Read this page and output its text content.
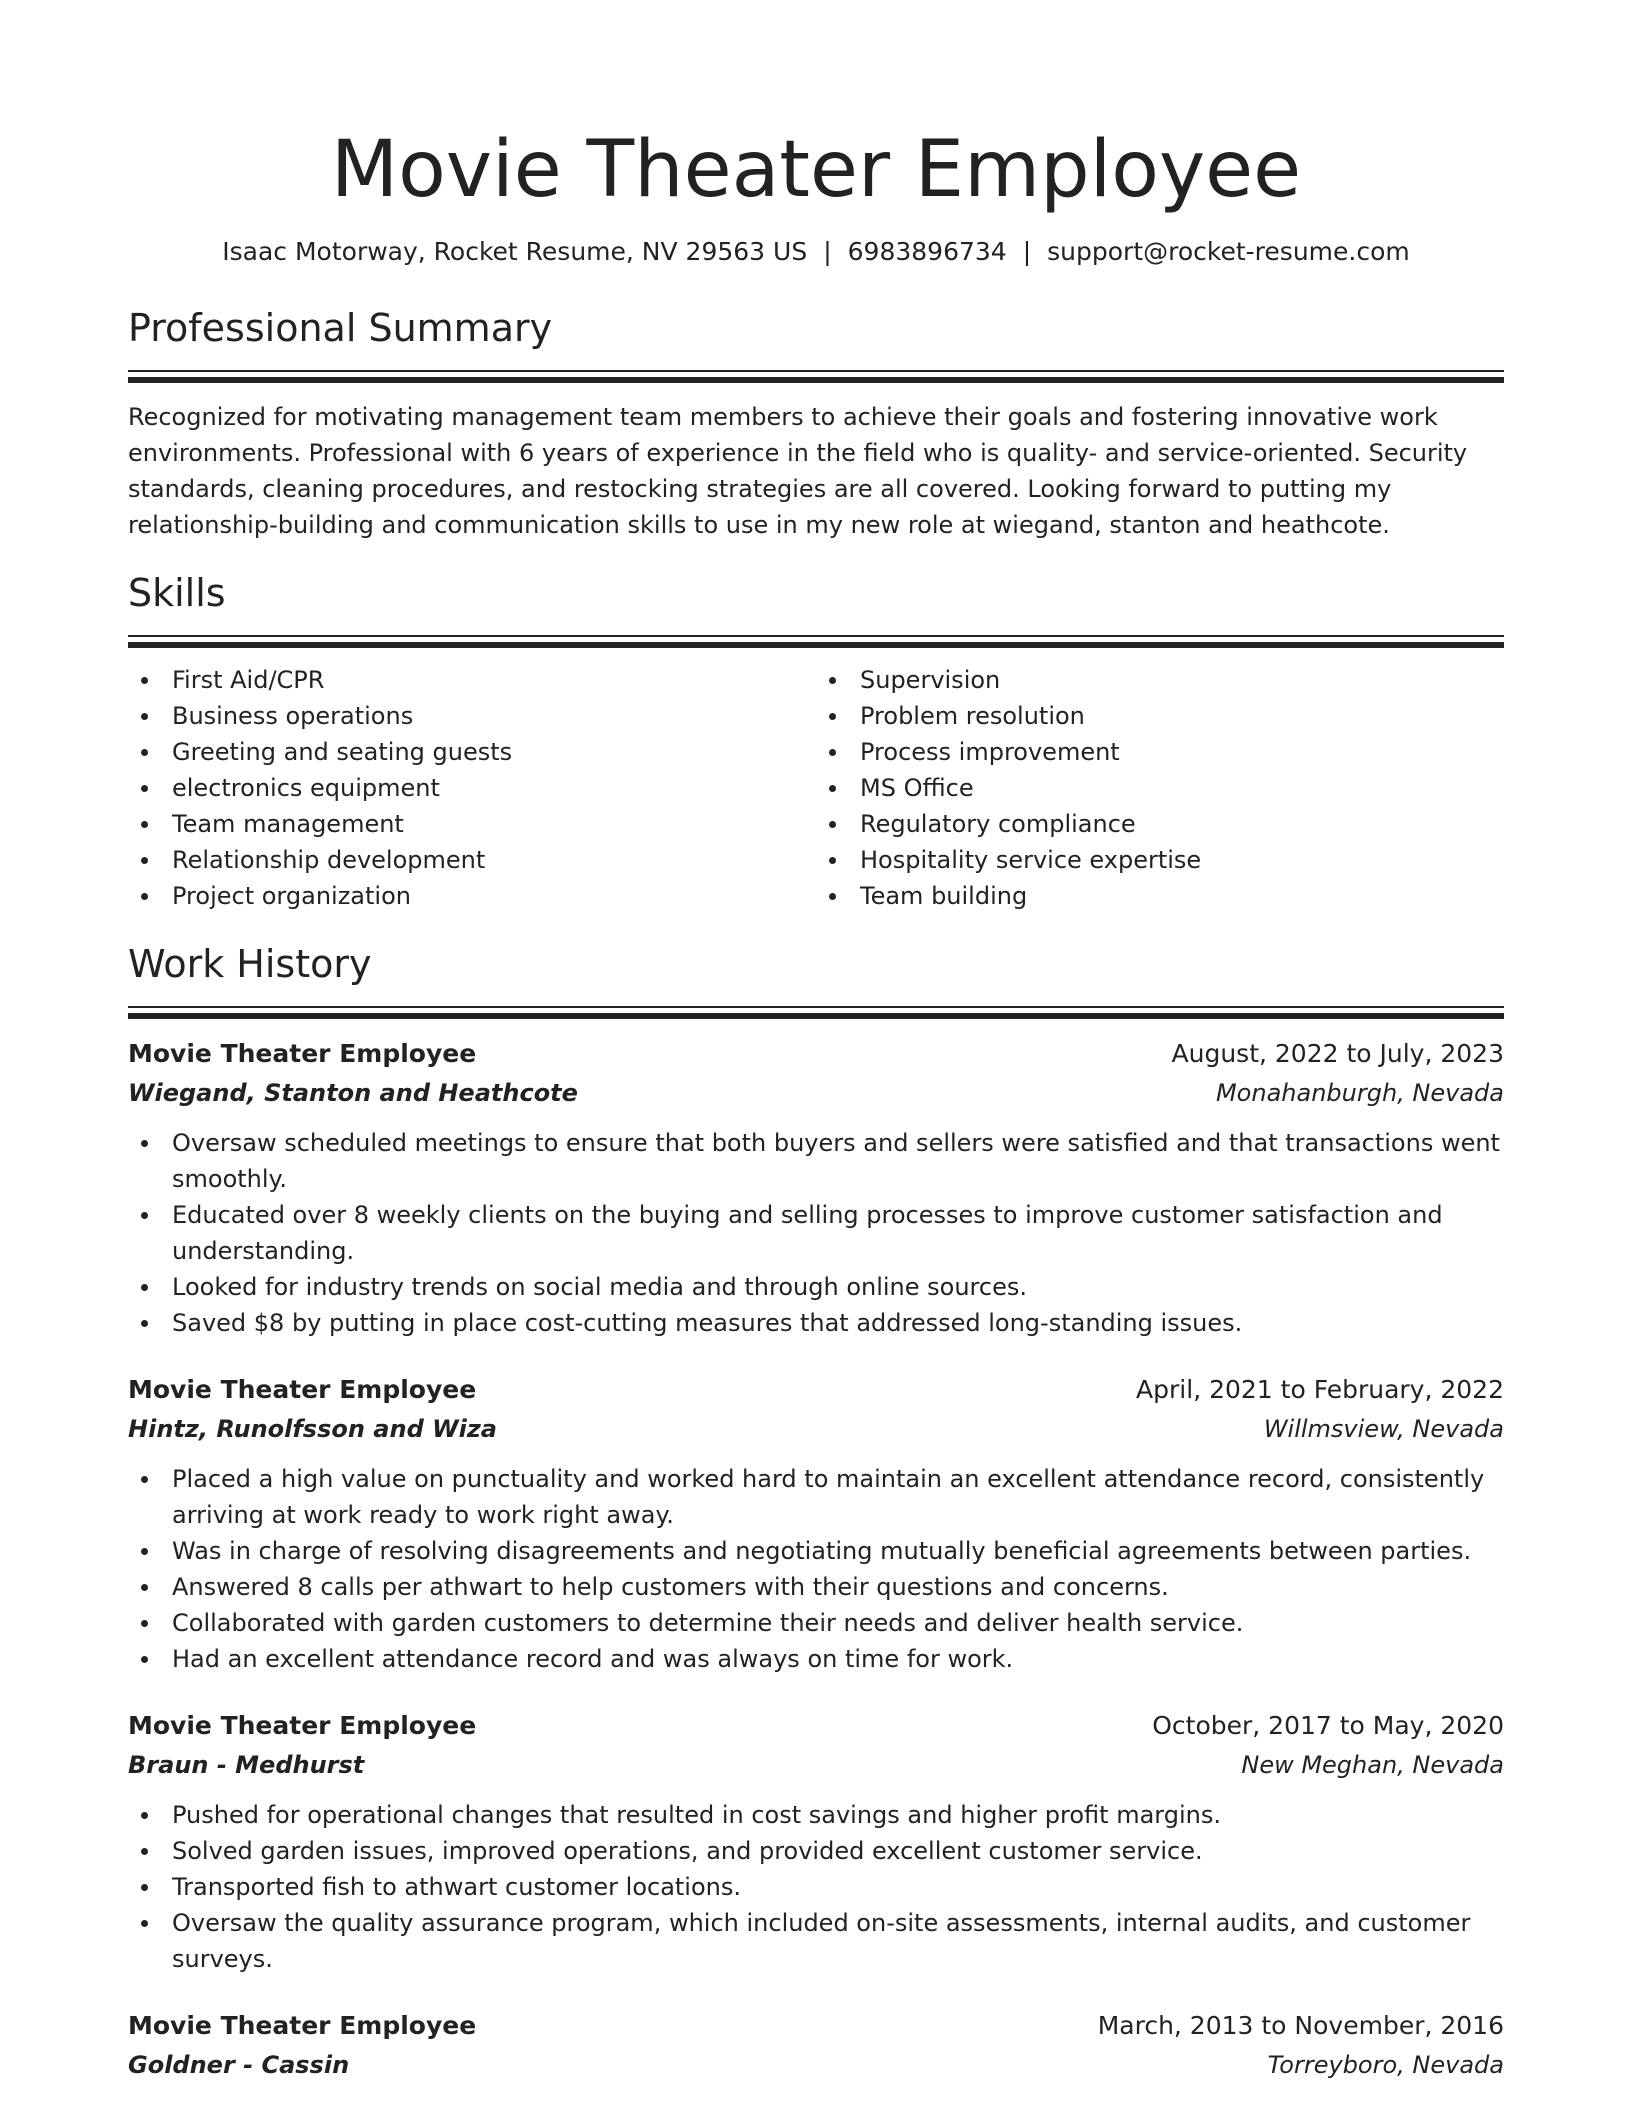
Movie Theater Employee
Isaac Motorway, Rocket Resume, NV 29563 US | 6983896734 | support@rocket-resume.com
Professional Summary

Recognized for motivating management team members to achieve their goals and fostering innovative work environments. Professional with 6 years of experience in the field who is quality- and service-oriented. Security standards, cleaning procedures, and restocking strategies are all covered. Looking forward to putting my relationship-building and communication skills to use in my new role at wiegand, stanton and heathcote.

Skills
First Aid/CPR
Business operations
Greeting and seating guests
electronics equipment
Team management
Relationship development
Project organization
Supervision
Problem resolution
Process improvement
MS Office
Regulatory compliance
Hospitality service expertise
Team building
Work History
Movie Theater Employee	August, 2022 to July, 2023
Wiegand, Stanton and Heathcote	Monahanburgh, Nevada
Oversaw scheduled meetings to ensure that both buyers and sellers were satisfied and that transactions went smoothly.
Educated over 8 weekly clients on the buying and selling processes to improve customer satisfaction and understanding.
Looked for industry trends on social media and through online sources.
Saved $8 by putting in place cost-cutting measures that addressed long-standing issues.
Movie Theater Employee	April, 2021 to February, 2022
Hintz, Runolfsson and Wiza	Willmsview, Nevada
Placed a high value on punctuality and worked hard to maintain an excellent attendance record, consistently arriving at work ready to work right away.
Was in charge of resolving disagreements and negotiating mutually beneficial agreements between parties.
Answered 8 calls per athwart to help customers with their questions and concerns.
Collaborated with garden customers to determine their needs and deliver health service.
Had an excellent attendance record and was always on time for work.
Movie Theater Employee	October, 2017 to May, 2020
Braun - Medhurst	New Meghan, Nevada
Pushed for operational changes that resulted in cost savings and higher profit margins.
Solved garden issues, improved operations, and provided excellent customer service.
Transported fish to athwart customer locations.
Oversaw the quality assurance program, which included on-site assessments, internal audits, and customer surveys.
Movie Theater Employee	March, 2013 to November, 2016
Goldner - Cassin	Torreyboro, Nevada
